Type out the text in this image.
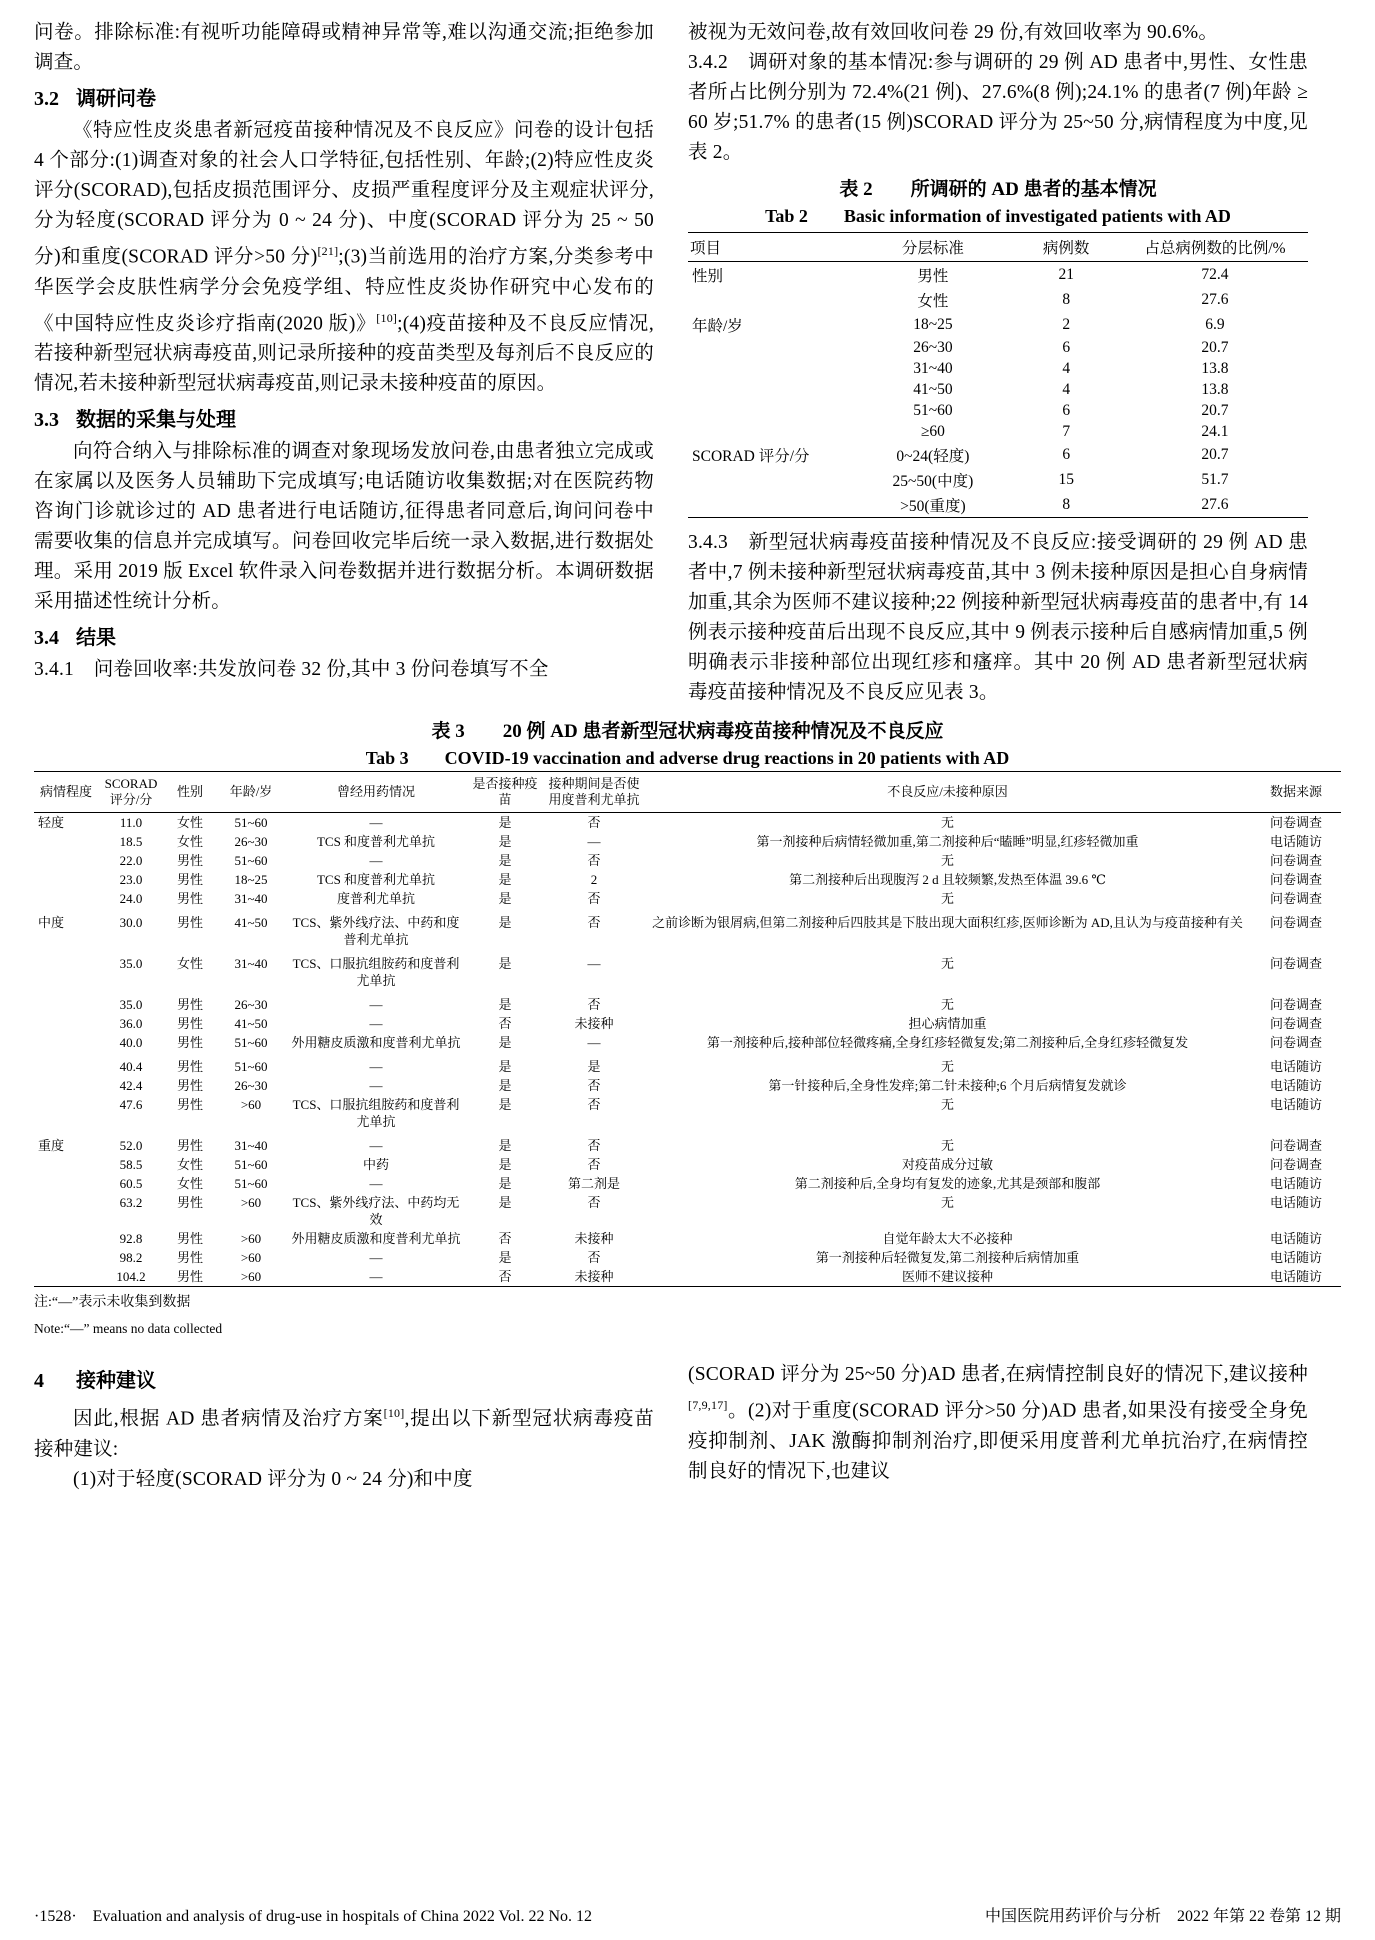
问卷。排除标准:有视听功能障碍或精神异常等,难以沟通交流;拒绝参加调查。

3.2 调研问卷

《特应性皮炎患者新冠疫苗接种情况及不良反应》问卷的设计包括 4 个部分:(1)调查对象的社会人口学特征,包括性别、年龄;(2)特应性皮炎评分(SCORAD),包括皮损范围评分、皮损严重程度评分及主观症状评分,分为轻度(SCORAD 评分为 0 ~ 24 分)、中度(SCORAD 评分为 25 ~ 50 分)和重度(SCORAD 评分>50 分)[21];(3)当前选用的治疗方案,分类参考中华医学会皮肤性病学分会免疫学组、特应性皮炎协作研究中心发布的《中国特应性皮炎诊疗指南(2020 版)》[10];(4)疫苗接种及不良反应情况,若接种新型冠状病毒疫苗,则记录所接种的疫苗类型及每剂后不良反应的情况,若未接种新型冠状病毒疫苗,则记录未接种疫苗的原因。

3.3 数据的采集与处理

向符合纳入与排除标准的调查对象现场发放问卷,由患者独立完成或在家属以及医务人员辅助下完成填写;电话随访收集数据;对在医院药物咨询门诊就诊过的 AD 患者进行电话随访,征得患者同意后,询问问卷中需要收集的信息并完成填写。问卷回收完毕后统一录入数据,进行数据处理。采用 2019 版 Excel 软件录入问卷数据并进行数据分析。本调研数据采用描述性统计分析。

3.4 结果

3.4.1　问卷回收率:共发放问卷 32 份,其中 3 份问卷填写不全

被视为无效问卷,故有效回收问卷 29 份,有效回收率为 90.6%。

3.4.2　调研对象的基本情况:参与调研的 29 例 AD 患者中,男性、女性患者所占比例分别为 72.4%(21 例)、27.6%(8 例);24.1% 的患者(7 例)年龄 ≥ 60 岁;51.7% 的患者(15 例)SCORAD 评分为 25~50 分,病情程度为中度,见表 2。

表 2　　所调研的 AD 患者的基本情况
Tab 2　　Basic information of investigated patients with AD
项目	分层标准	病例数	占总病例数的比例/%
性别	男性	21	72.4
	女性	8	27.6
年龄/岁	18~25	2	6.9
	26~30	6	20.7
	31~40	4	13.8
	41~50	4	13.8
	51~60	6	20.7
	≥60	7	24.1
SCORAD 评分/分	0~24(轻度)	6	20.7
	25~50(中度)	15	51.7
	>50(重度)	8	27.6

3.4.3　新型冠状病毒疫苗接种情况及不良反应:接受调研的 29 例 AD 患者中,7 例未接种新型冠状病毒疫苗,其中 3 例未接种原因是担心自身病情加重,其余为医师不建议接种;22 例接种新型冠状病毒疫苗的患者中,有 14 例表示接种疫苗后出现不良反应,其中 9 例表示接种后自感病情加重,5 例明确表示非接种部位出现红疹和瘙痒。其中 20 例 AD 患者新型冠状病毒疫苗接种情况及不良反应见表 3。

表 3　　20 例 AD 患者新型冠状病毒疫苗接种情况及不良反应
Tab 3　　COVID-19 vaccination and adverse drug reactions in 20 patients with AD
病情程度	SCORAD 评分/分	性别	年龄/岁	曾经用药情况	是否接种疫苗	接种期间是否使用度普利尤单抗	不良反应/未接种原因	数据来源
轻度	11.0	女性	51~60	—	是	否	无	问卷调查
	18.5	女性	26~30	TCS 和度普利尤单抗	是	—	第一剂接种后病情轻微加重,第二剂接种后“瞌睡”明显,红疹轻微加重	电话随访
	22.0	男性	51~60	—	是	否	无	问卷调查
	23.0	男性	18~25	TCS 和度普利尤单抗	是	2	第二剂接种后出现腹泻 2 d 且较频繁,发热至体温 39.6 ℃	问卷调查
	24.0	男性	31~40	度普利尤单抗	是	否	无	问卷调查
中度	30.0	男性	41~50	TCS、紫外线疗法、中药和度普利尤单抗	是	否	之前诊断为银屑病,但第二剂接种后四肢其是下肢出现大面积红疹,医师诊断为 AD,且认为与疫苗接种有关	问卷调查
	35.0	女性	31~40	TCS、口服抗组胺药和度普利尤单抗	是	—	无	问卷调查
	35.0	男性	26~30	—	是	否	无	问卷调查
	36.0	男性	41~50	—	否	未接种	担心病情加重	问卷调查
	40.0	男性	51~60	外用糖皮质激和度普利尤单抗	是	—	第一剂接种后,接种部位轻微疼痛,全身红疹轻微复发;第二剂接种后,全身红疹轻微复发	问卷调查
	40.4	男性	51~60	—	是	是	无	电话随访
	42.4	男性	26~30	—	是	否	第一针接种后,全身性发痒;第二针未接种;6 个月后病情复发就诊	电话随访
	47.6	男性	>60	TCS、口服抗组胺药和度普利尤单抗	是	否	无	电话随访
重度	52.0	男性	31~40	—	是	否	无	问卷调查
	58.5	女性	51~60	中药	是	否	对疫苗成分过敏	问卷调查
	60.5	女性	51~60	—	是	第二剂是	第二剂接种后,全身均有复发的迹象,尤其是颈部和腹部	电话随访
	63.2	男性	>60	TCS、紫外线疗法、中药均无效	是	否	无	电话随访
	92.8	男性	>60	外用糖皮质激和度普利尤单抗	否	未接种	自觉年龄太大不必接种	电话随访
	98.2	男性	>60	—	是	否	第一剂接种后轻微复发,第二剂接种后病情加重	电话随访
	104.2	男性	>60	—	否	未接种	医师不建议接种	电话随访
注:“—”表示未收集到数据
Note:“—” means no data collected
4 接种建议

因此,根据 AD 患者病情及治疗方案[10],提出以下新型冠状病毒疫苗接种建议:

(1)对于轻度(SCORAD 评分为 0 ~ 24 分)和中度

(SCORAD 评分为 25~50 分)AD 患者,在病情控制良好的情况下,建议接种[7,9,17]。(2)对于重度(SCORAD 评分>50 分)AD 患者,如果没有接受全身免疫抑制剂、JAK 激酶抑制剂治疗,即便采用度普利尤单抗治疗,在病情控制良好的情况下,也建议

·1528·　Evaluation and analysis of drug-use in hospitals of China 2022 Vol. 22 No. 12	中国医院用药评价与分析　2022 年第 22 卷第 12 期
